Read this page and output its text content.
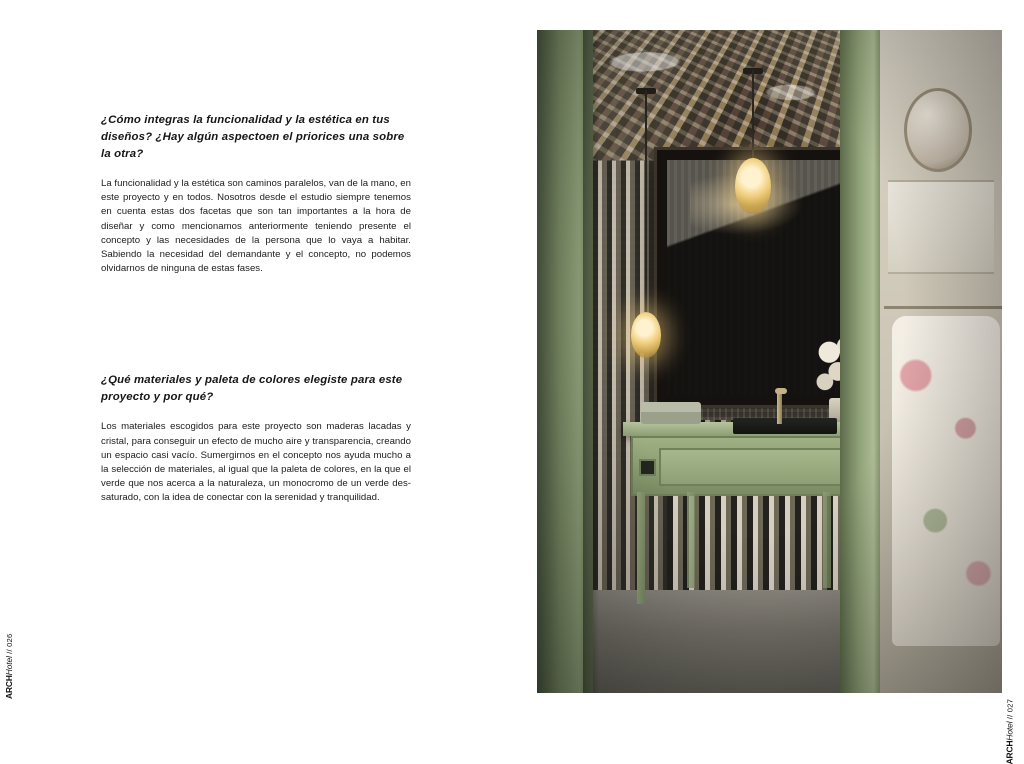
¿Cómo integras la funcionalidad y la estética en tus diseños? ¿Hay algún aspectoen el priorices una sobre la otra?

La funcionalidad y la estética son caminos paralelos, van de la mano, en este proyecto y en todos. Nosotros desde el estudio siempre tenemos en cuenta estas dos facetas que son tan importantes a la hora de diseñar y como mencionamos anteriormente teniendo presente el concepto y las necesidades de la persona que lo vaya a habitar. Sabiendo la necesidad del demandante y el concepto, no podemos olvidarnos de ninguna de estas fases.

¿Qué materiales y paleta de colores elegiste para este proyecto y por qué?

Los materiales escogidos para este proyecto son maderas lacadas y cristal, para conseguir un efecto de mucho aire y transparencia, creando un espacio casi vacío. Sumergirnos en el concepto nos ayuda mucho a la selección de materiales, al igual que la paleta de colores, en la que el verde que nos acerca a la naturaleza, un monocromo de un verde des-saturado, con la idea de conectar con la serenidad y tranquilidad.

ARCHHotel // 026
ARCHHotel // 027
